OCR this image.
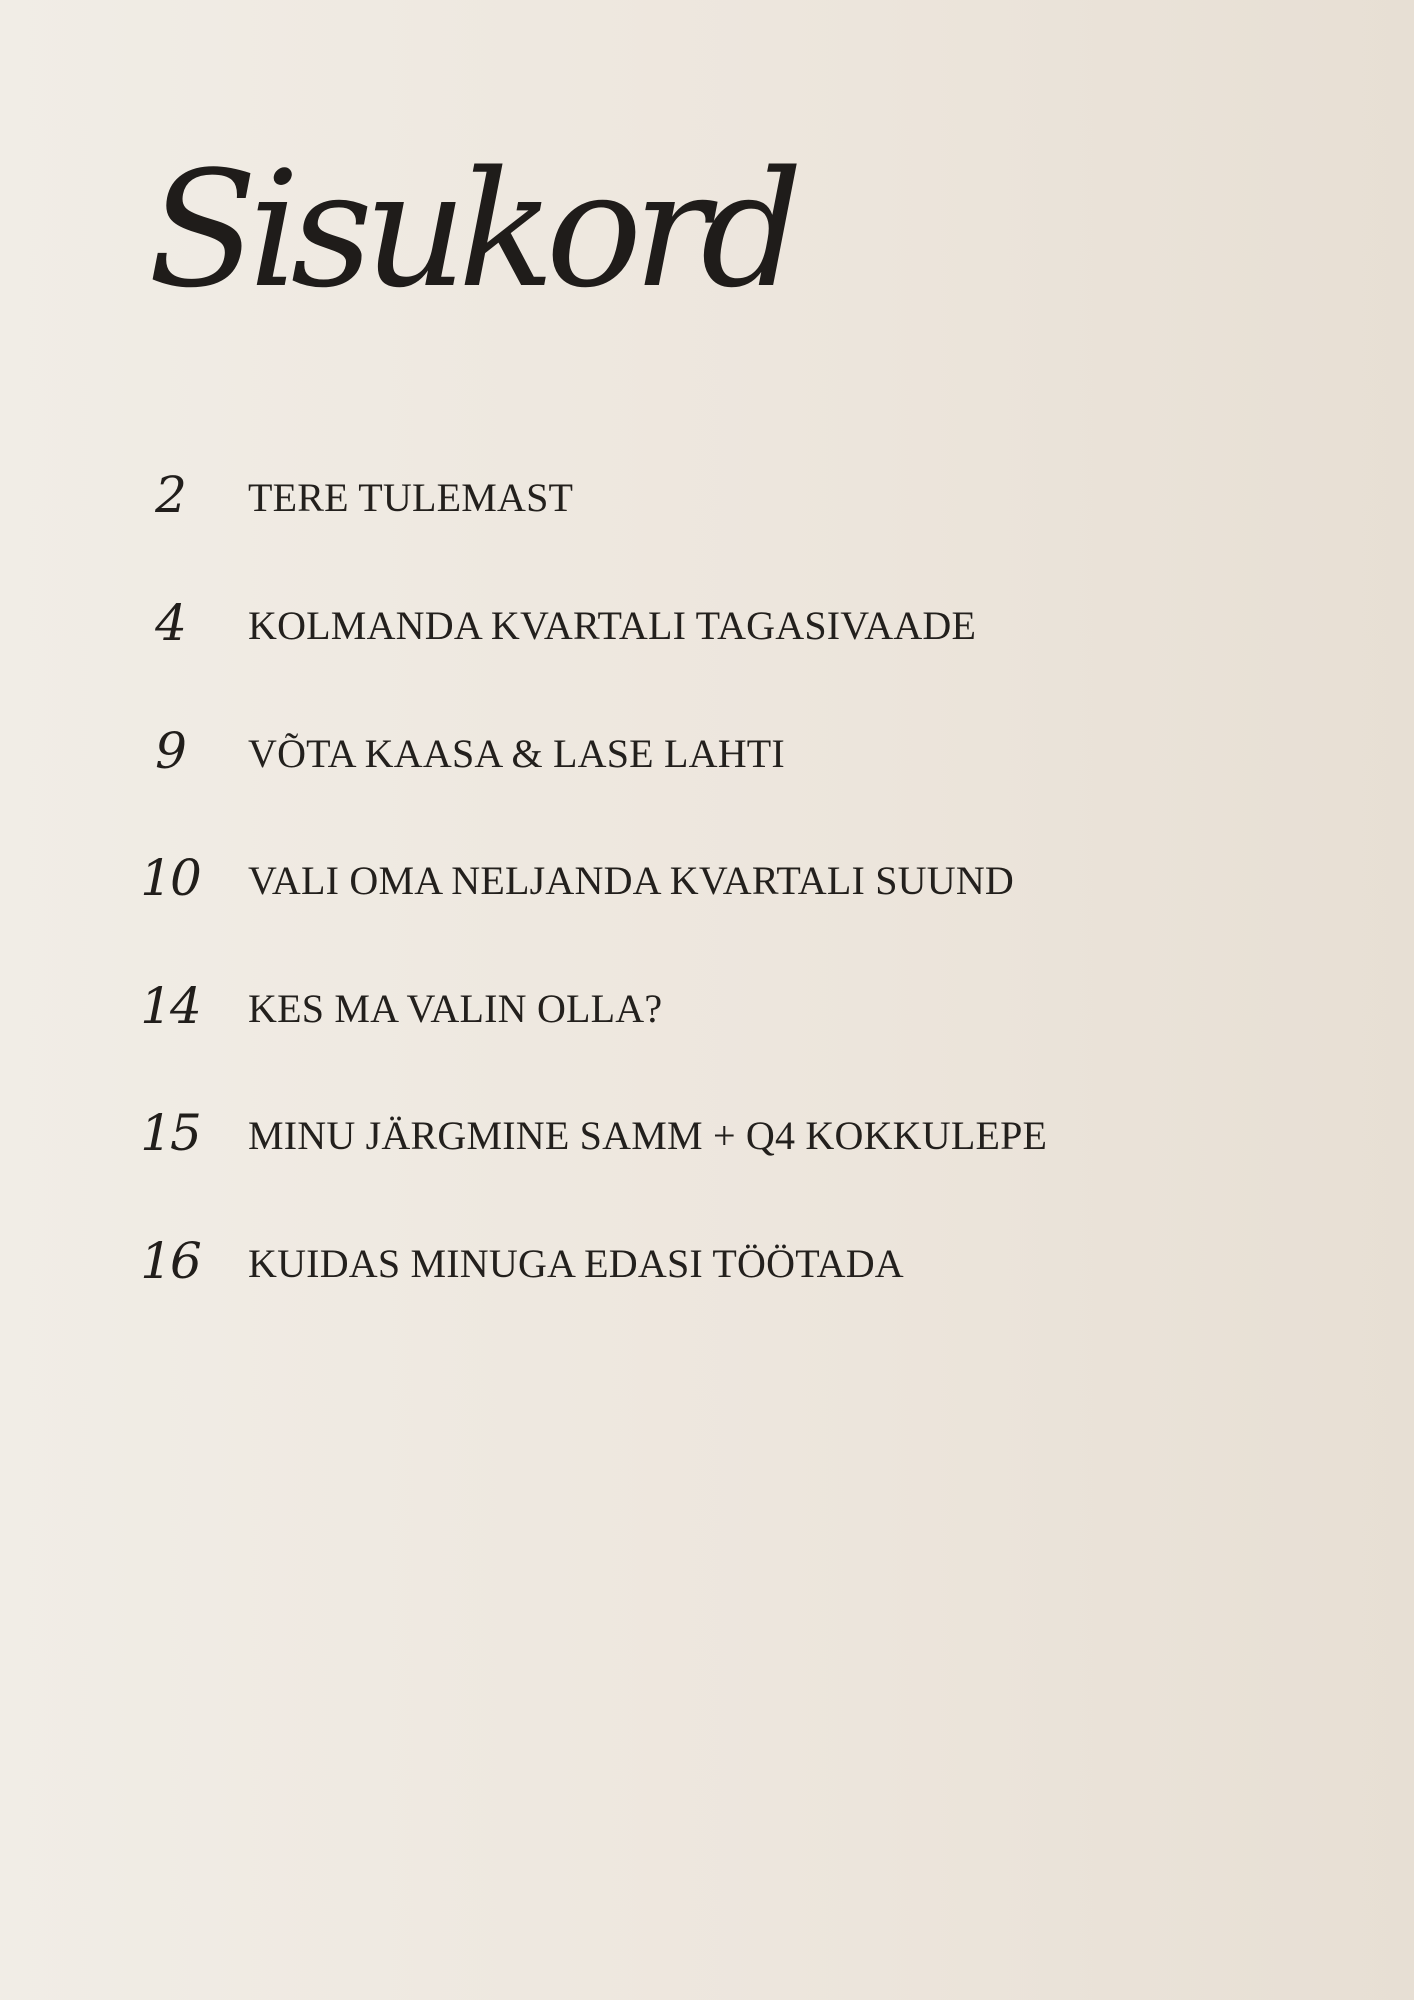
Sisukord
2	TERE TULEMAST
4	KOLMANDA KVARTALI TAGASIVAADE
9	VÕTA KAASA & LASE LAHTI
10 VALI OMA NELJANDA KVARTALI SUUND
14 KES MA VALIN OLLA?
15 MINU JÄRGMINE SAMM + Q4 KOKKULEPE
16 KUIDAS MINUGA EDASI TÖÖTADA
